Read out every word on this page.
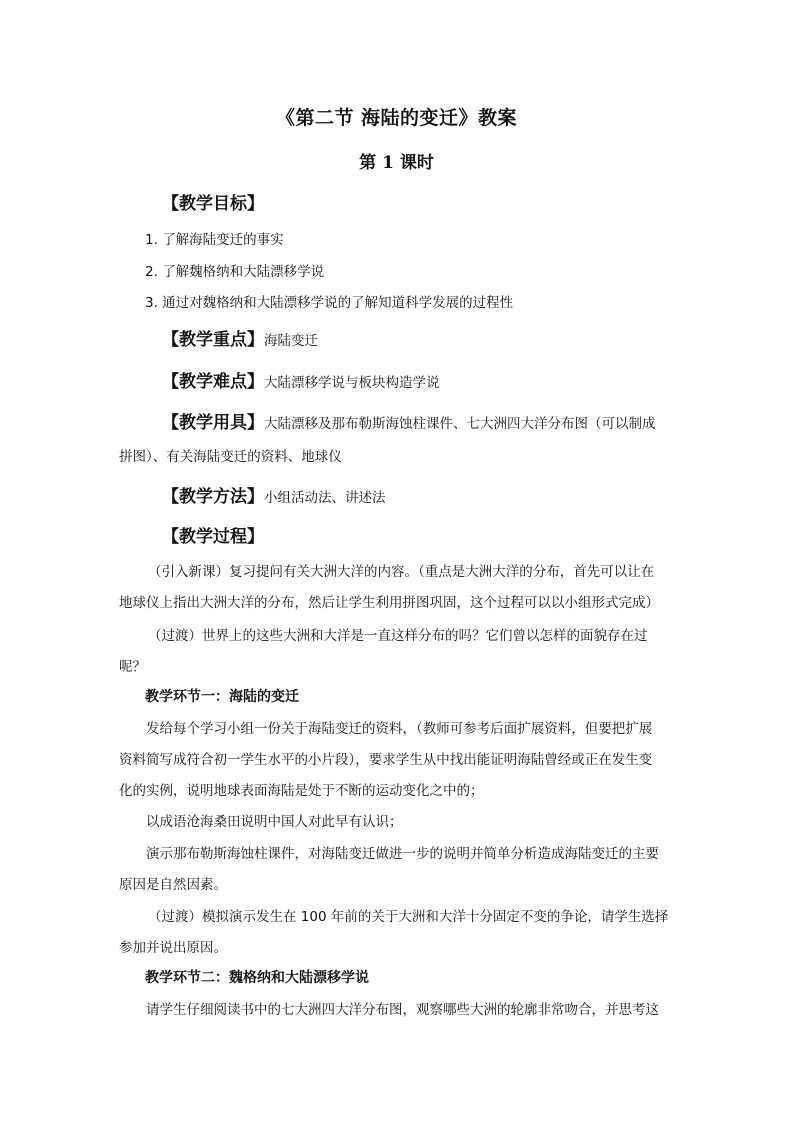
《第二节 海陆的变迁》教案
第 1 课时
【教学目标】
1. 了解海陆变迁的事实
2. 了解魏格纳和大陆漂移学说
3. 通过对魏格纳和大陆漂移学说的了解知道科学发展的过程性
【教学重点】海陆变迁
【教学难点】大陆漂移学说与板块构造学说
【教学用具】大陆漂移及那布勒斯海蚀柱课件、七大洲四大洋分布图（可以制成
拼图）、有关海陆变迁的资料、地球仪
【教学方法】小组活动法、讲述法
【教学过程】
（引入新课）复习提问有关大洲大洋的内容。（重点是大洲大洋的分布，首先可以让在
地球仪上指出大洲大洋的分布，然后让学生利用拼图巩固，这个过程可以以小组形式完成）
（过渡）世界上的这些大洲和大洋是一直这样分布的吗？它们曾以怎样的面貌存在过
呢？
教学环节一：海陆的变迁
发给每个学习小组一份关于海陆变迁的资料，（教师可参考后面扩展资料，但要把扩展
资料简写成符合初一学生水平的小片段），要求学生从中找出能证明海陆曾经或正在发生变
化的实例，说明地球表面海陆是处于不断的运动变化之中的；
以成语沧海桑田说明中国人对此早有认识；
演示那布勒斯海蚀柱课件，对海陆变迁做进一步的说明并简单分析造成海陆变迁的主要
原因是自然因素。
（过渡）模拟演示发生在 100 年前的关于大洲和大洋十分固定不变的争论，请学生选择
参加并说出原因。
教学环节二：魏格纳和大陆漂移学说
请学生仔细阅读书中的七大洲四大洋分布图，观察哪些大洲的轮廓非常吻合，并思考这
